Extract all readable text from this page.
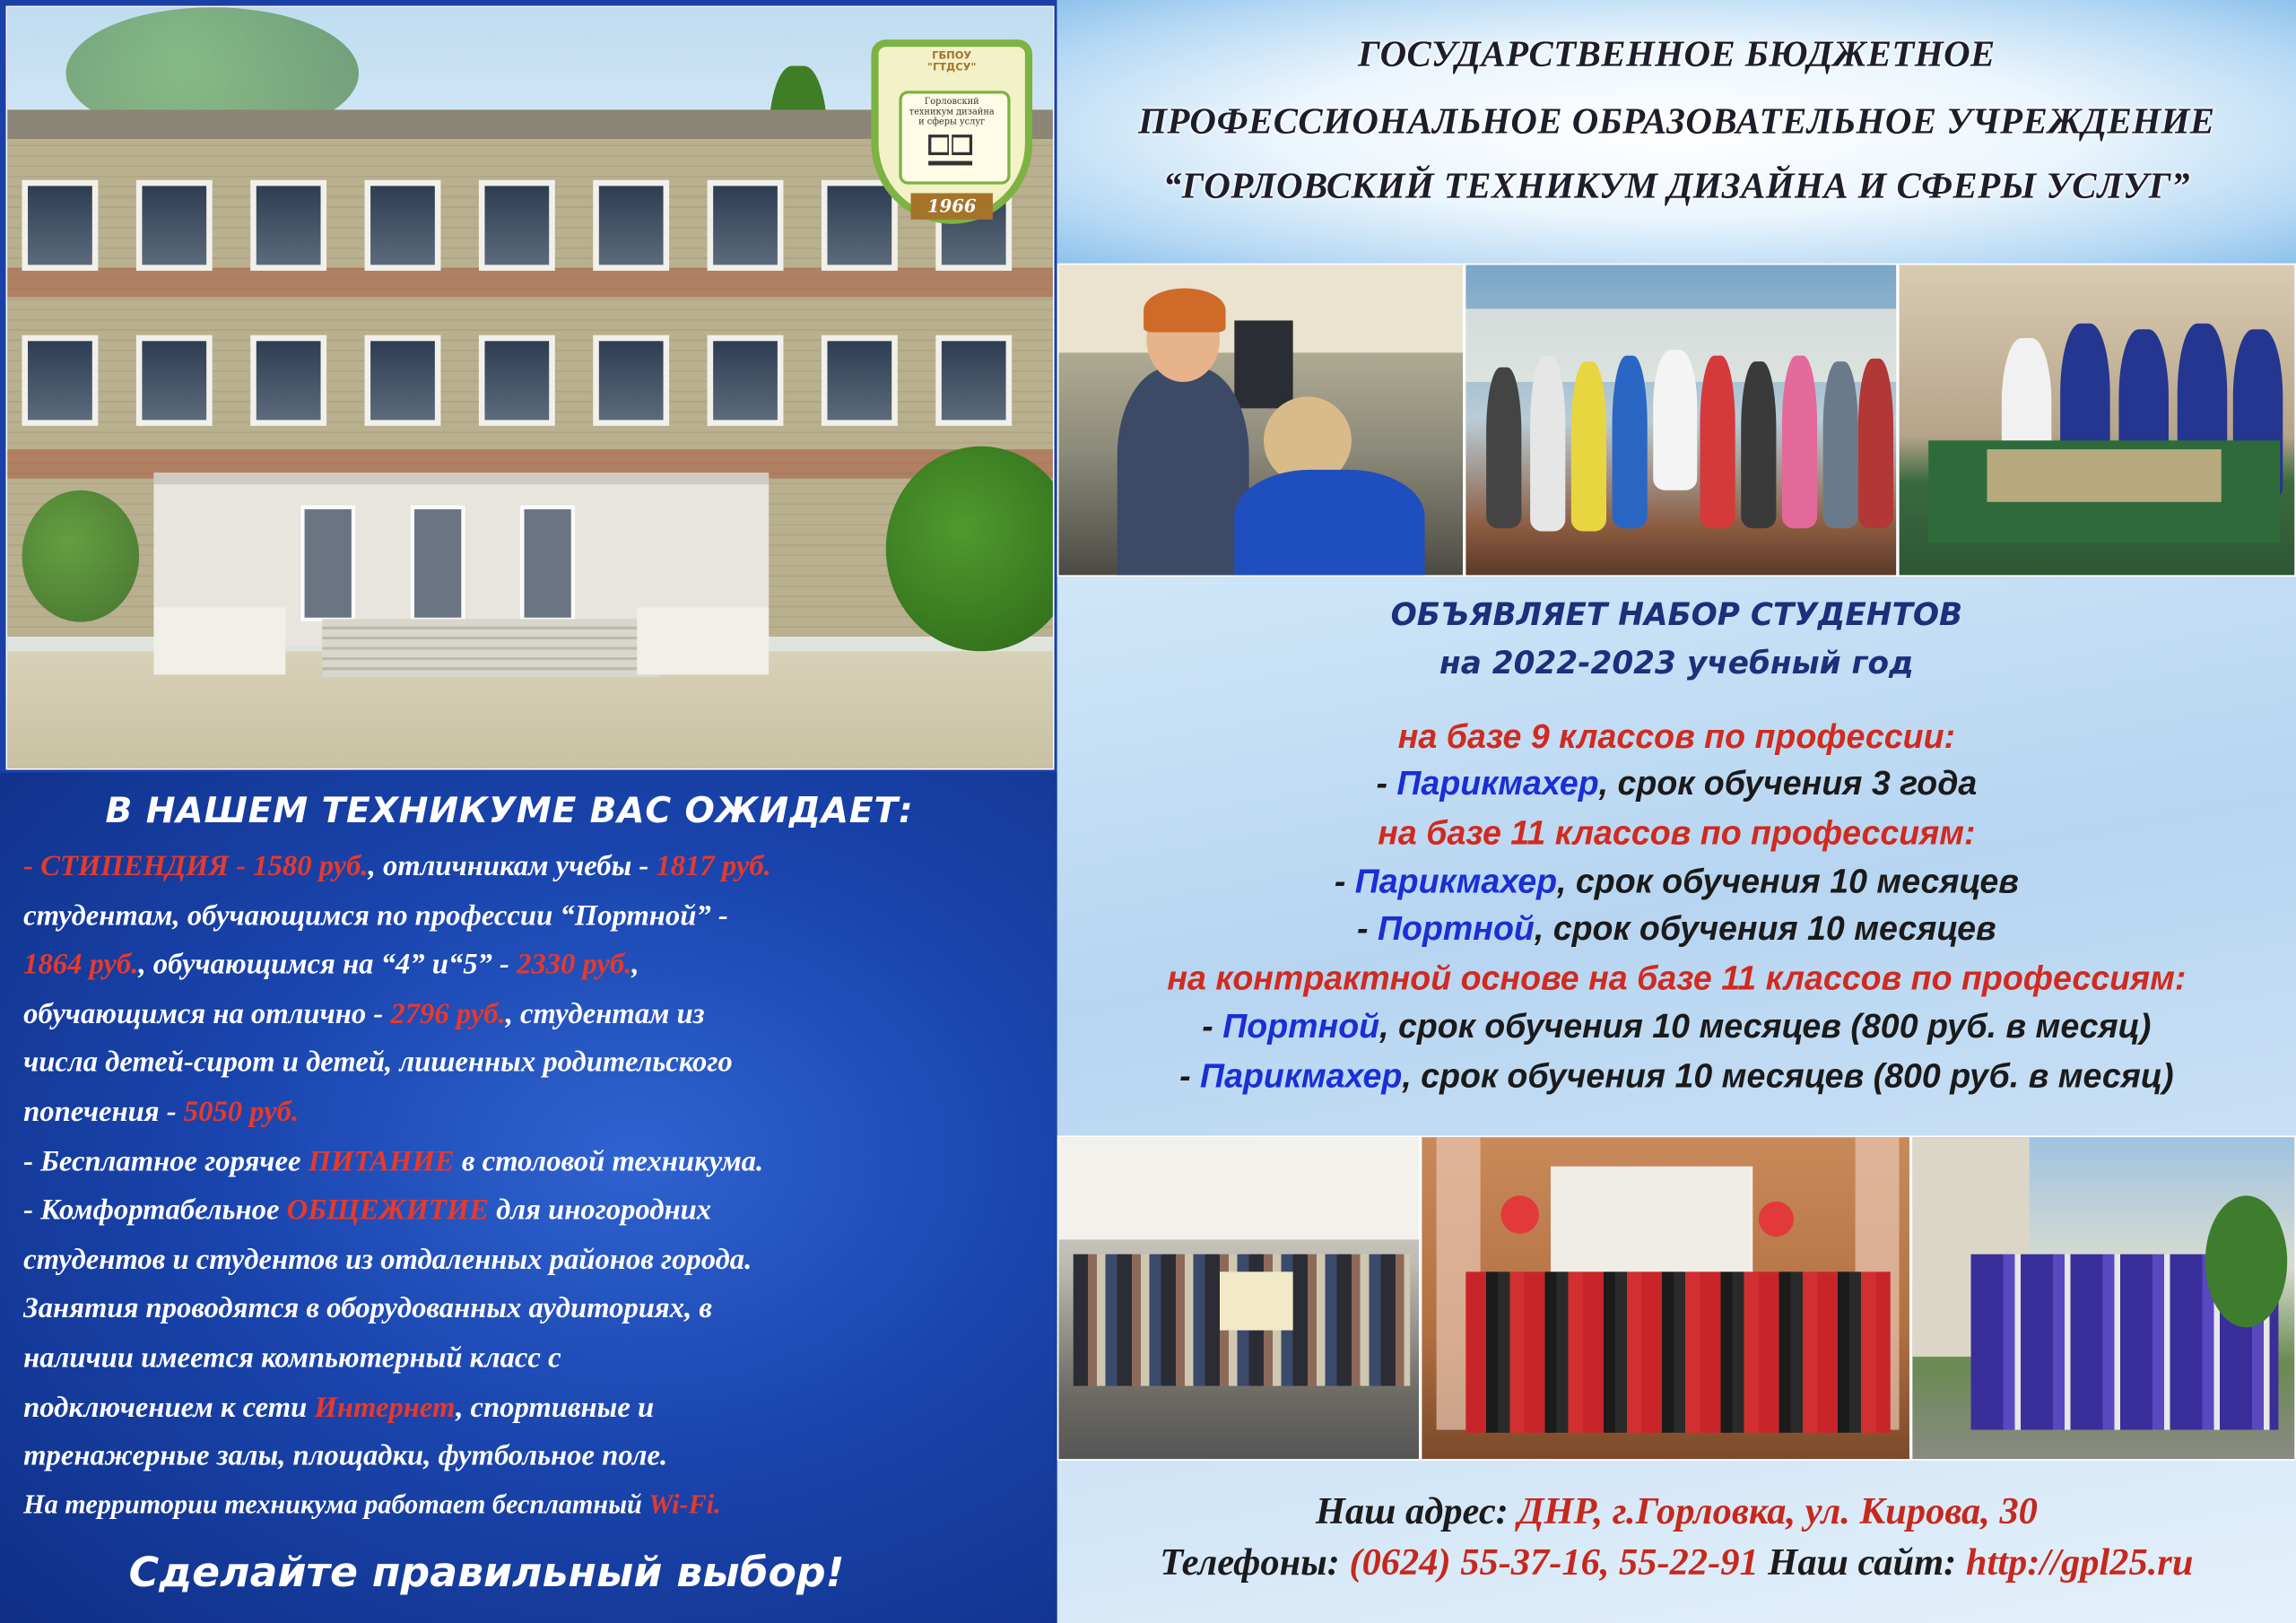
ГБПОУ "ГТДСУ"
Горловский техникум дизайна и сферы услуг
1966
В НАШЕМ ТЕХНИКУМЕ ВАС ОЖИДАЕТ:
- СТИПЕНДИЯ - 1580 руб., отличникам учебы - 1817 руб.
студентам, обучающимся по профессии “Портной” -
1864 руб., обучающимся на “4” и“5” - 2330 руб.,
обучающимся на отлично - 2796 руб., студентам из
числа детей-сирот и детей, лишенных родительского
попечения - 5050 руб.
- Бесплатное горячее ПИТАНИЕ в столовой техникума.
- Комфортабельное ОБЩЕЖИТИЕ для иногородних
студентов и студентов из отдаленных районов города.
Занятия проводятся в оборудованных аудиториях, в
наличии имеется компьютерный класс с
подключением к сети Интернет, спортивные и
тренажерные залы, площадки, футбольное поле.
На территории техникума работает бесплатный Wi-Fi.
Сделайте правильный выбор!
ГОСУДАРСТВЕННОЕ БЮДЖЕТНОЕ
ПРОФЕССИОНАЛЬНОЕ ОБРАЗОВАТЕЛЬНОЕ УЧРЕЖДЕНИЕ
“ГОРЛОВСКИЙ ТЕХНИКУМ ДИЗАЙНА И СФЕРЫ УСЛУГ”
ОБЪЯВЛЯЕТ НАБОР СТУДЕНТОВ
на 2022-2023 учебный год
на базе 9 классов по профессии:
- Парикмахер, срок обучения 3 года
на базе 11 классов по профессиям:
- Парикмахер, срок обучения 10 месяцев
- Портной, срок обучения 10 месяцев
на контрактной основе на базе 11 классов по профессиям:
- Портной, срок обучения 10 месяцев (800 руб. в месяц)
- Парикмахер, срок обучения 10 месяцев (800 руб. в месяц)
Наш адрес: ДНР, г.Горловка, ул. Кирова, 30
Телефоны: (0624) 55-37-16, 55-22-91 Наш сайт: http://gpl25.ru
